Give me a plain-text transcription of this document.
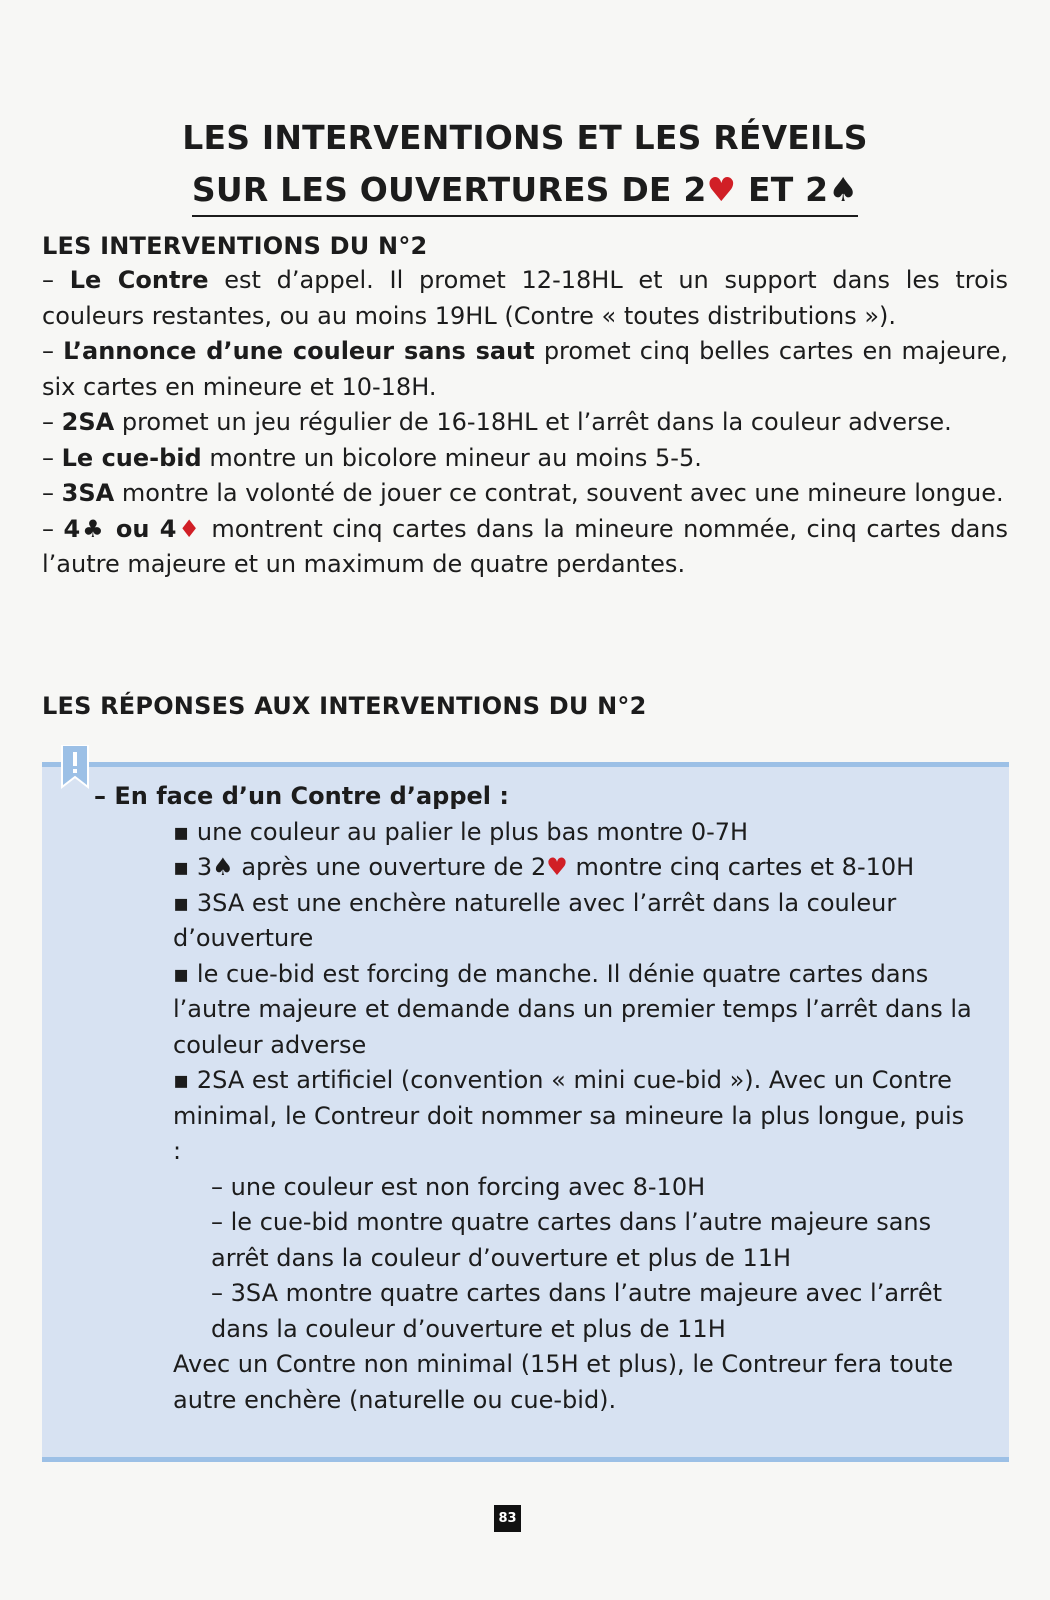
LES INTERVENTIONS ET LES RÉVEILS
SUR LES OUVERTURES DE 2♥ ET 2♠
LES INTERVENTIONS DU N°2

– Le Contre est d’appel. Il promet 12-18HL et un support dans les trois couleurs restantes, ou au moins 19HL (Contre « toutes distributions »).

– L’annonce d’une couleur sans saut promet cinq belles cartes en majeure, six cartes en mineure et 10-18H.

– 2SA promet un jeu régulier de 16-18HL et l’arrêt dans la couleur adverse.

– Le cue-bid montre un bicolore mineur au moins 5-5.

– 3SA montre la volonté de jouer ce contrat, souvent avec une mineure longue.

– 4♣ ou 4♦ montrent cinq cartes dans la mineure nommée, cinq cartes dans l’autre majeure et un maximum de quatre perdantes.

LES RÉPONSES AUX INTERVENTIONS DU N°2

– En face d’un Contre d’appel :

▪ une couleur au palier le plus bas montre 0-7H

▪ 3♠ après une ouverture de 2♥ montre cinq cartes et 8-10H

▪ 3SA est une enchère naturelle avec l’arrêt dans la couleur d’ouverture

▪ le cue-bid est forcing de manche. Il dénie quatre cartes dans l’autre majeure et demande dans un premier temps l’arrêt dans la couleur adverse

▪ 2SA est artificiel (convention « mini cue-bid »). Avec un Contre minimal, le Contreur doit nommer sa mineure la plus longue, puis :

– une couleur est non forcing avec 8-10H

– le cue-bid montre quatre cartes dans l’autre majeure sans arrêt dans la couleur d’ouverture et plus de 11H

– 3SA montre quatre cartes dans l’autre majeure avec l’arrêt dans la couleur d’ouverture et plus de 11H

Avec un Contre non minimal (15H et plus), le Contreur fera toute autre enchère (naturelle ou cue-bid).

83
